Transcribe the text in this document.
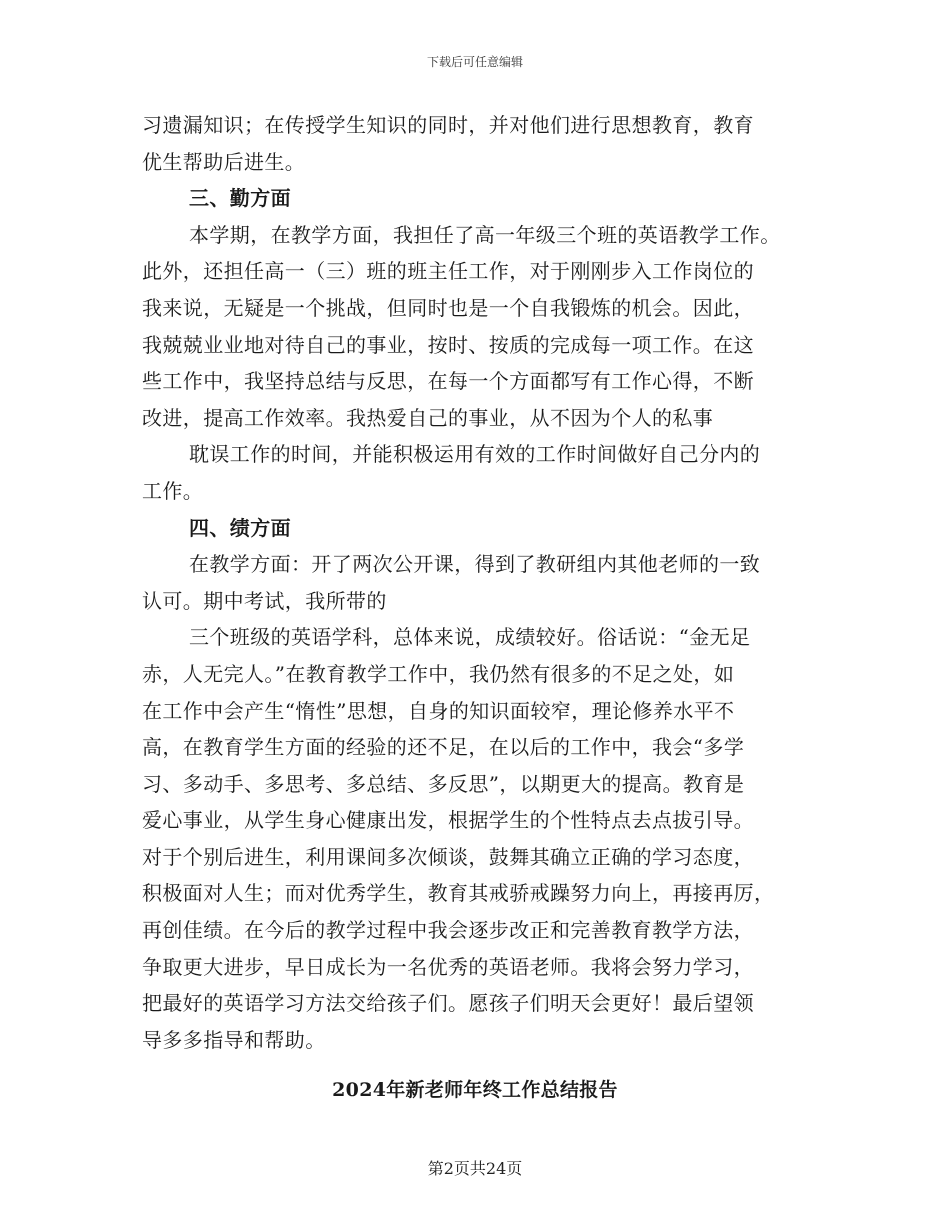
下载后可任意编辑
习遗漏知识；在传授学生知识的同时，并对他们进行思想教育，教育
优生帮助后进生。
三、勤方面
本学期，在教学方面，我担任了高一年级三个班的英语教学工作。
此外，还担任高一（三）班的班主任工作，对于刚刚步入工作岗位的
我来说，无疑是一个挑战，但同时也是一个自我锻炼的机会。因此，
我兢兢业业地对待自己的事业，按时、按质的完成每一项工作。在这
些工作中，我坚持总结与反思，在每一个方面都写有工作心得，不断
改进，提高工作效率。我热爱自己的事业，从不因为个人的私事
耽误工作的时间，并能积极运用有效的工作时间做好自己分内的
工作。
四、绩方面
在教学方面：开了两次公开课，得到了教研组内其他老师的一致
认可。期中考试，我所带的
三个班级的英语学科，总体来说，成绩较好。俗话说：“金无足
赤，人无完人。”在教育教学工作中，我仍然有很多的不足之处，如
在工作中会产生“惰性”思想，自身的知识面较窄，理论修养水平不
高，在教育学生方面的经验的还不足，在以后的工作中，我会“多学
习、多动手、多思考、多总结、多反思”，以期更大的提高。教育是
爱心事业，从学生身心健康出发，根据学生的个性特点去点拔引导。
对于个别后进生，利用课间多次倾谈，鼓舞其确立正确的学习态度，
积极面对人生；而对优秀学生，教育其戒骄戒躁努力向上，再接再厉，
再创佳绩。在今后的教学过程中我会逐步改正和完善教育教学方法，
争取更大进步，早日成长为一名优秀的英语老师。我将会努力学习，
把最好的英语学习方法交给孩子们。愿孩子们明天会更好！最后望领
导多多指导和帮助。
2024年新老师年终工作总结报告
第2页共24页
